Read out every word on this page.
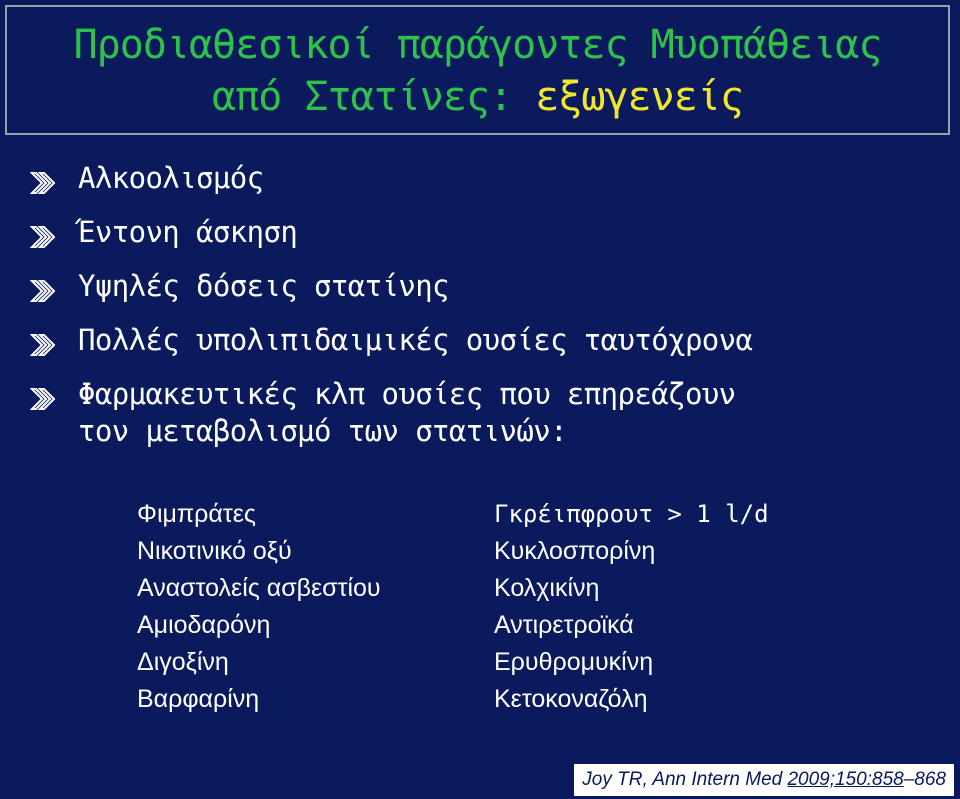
Προδιαθεσικοί παράγοντες Μυοπάθειας
από Στατίνες: εξωγενείς
Αλκοολισμός
Έντονη άσκηση
Υψηλές δόσεις στατίνης
Πολλές υπολιπιδαιμικές ουσίες ταυτόχρονα
Φαρμακευτικές κλπ ουσίες που επηρεάζουν
τον μεταβολισμό των στατινών:
Φιμπράτες
Νικοτινικό οξύ
Αναστολείς ασβεστίου
Αμιοδαρόνη
Διγοξίνη
Βαρφαρίνη
Γκρέιπφρουτ > 1 l/d
Κυκλοσπορίνη
Κολχικίνη
Αντιρετροϊκά
Ερυθρομυκίνη
Κετοκοναζόλη
Joy TR, Ann Intern Med 2009;150:858–868
